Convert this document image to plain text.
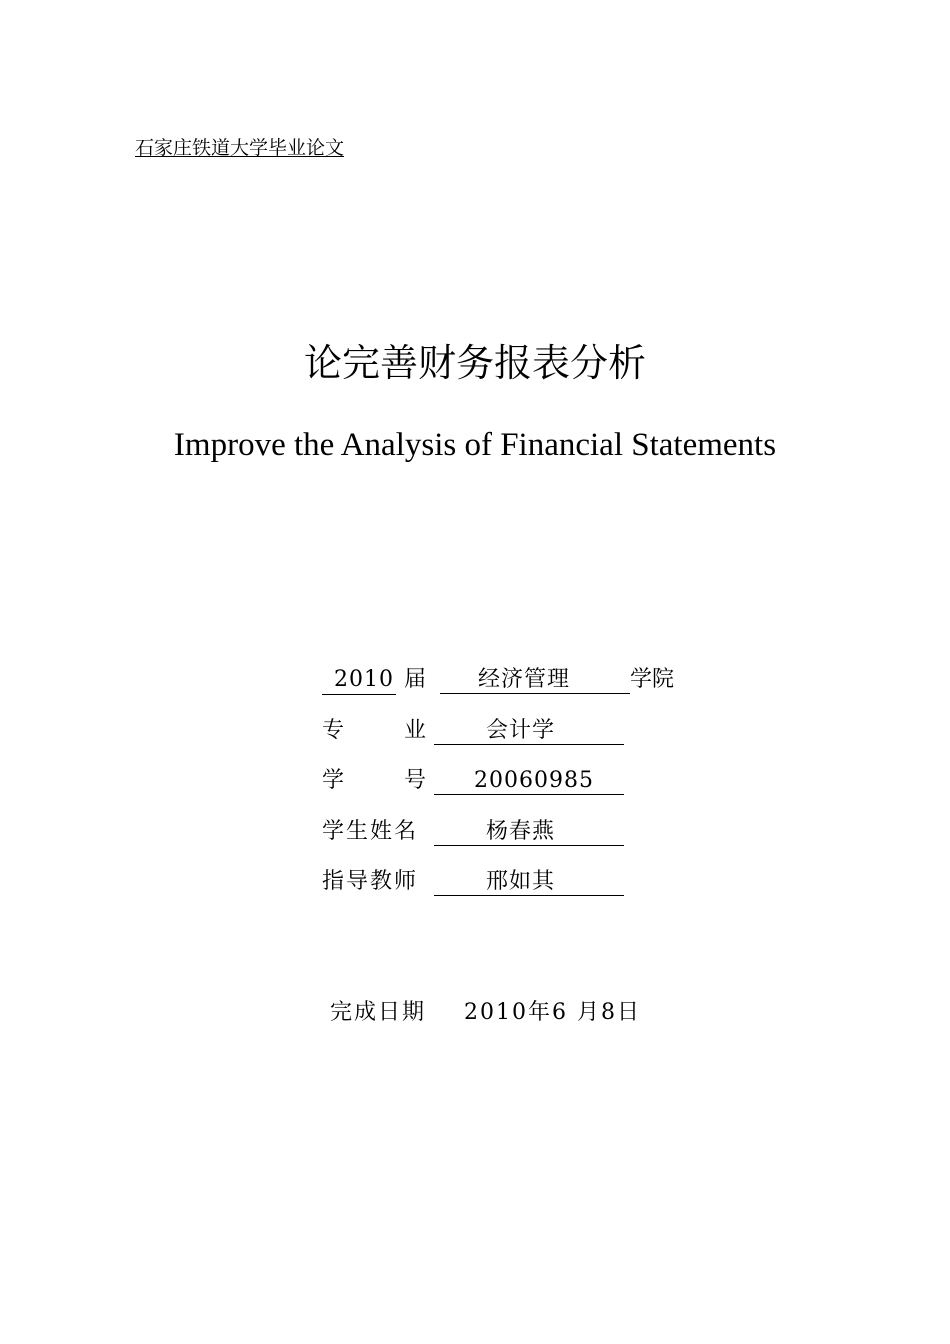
石家庄铁道大学毕业论文
论完善财务报表分析
Improve the Analysis of Financial Statements
2010 届 经济管理	学院
专	业	会计学
学	号 20060985
学生姓名	杨春燕
指导教师	邢如其
完成日期 2010年6 月8日
